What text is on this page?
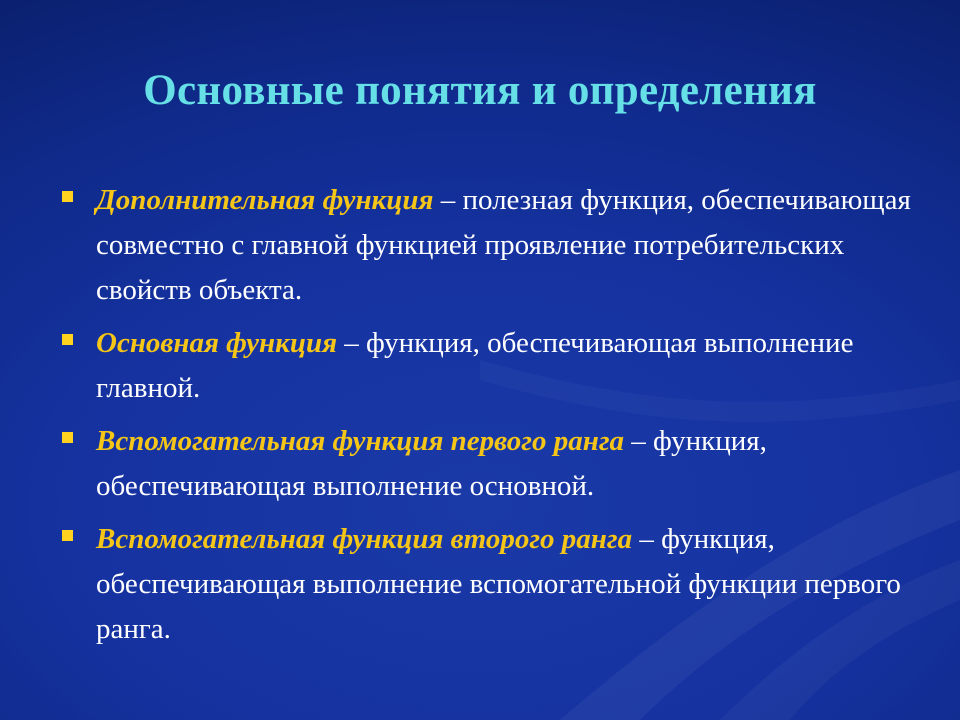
Основные понятия и определения
Дополнительная функция – полезная функция, обеспечивающая совместно с главной функцией проявление потребительских свойств объекта.
Основная функция – функция, обеспечивающая выполнение главной.
Вспомогательная функция первого ранга – функция, обеспечивающая выполнение основной.
Вспомогательная функция второго ранга – функция, обеспечивающая выполнение вспомогательной функции первого ранга.
